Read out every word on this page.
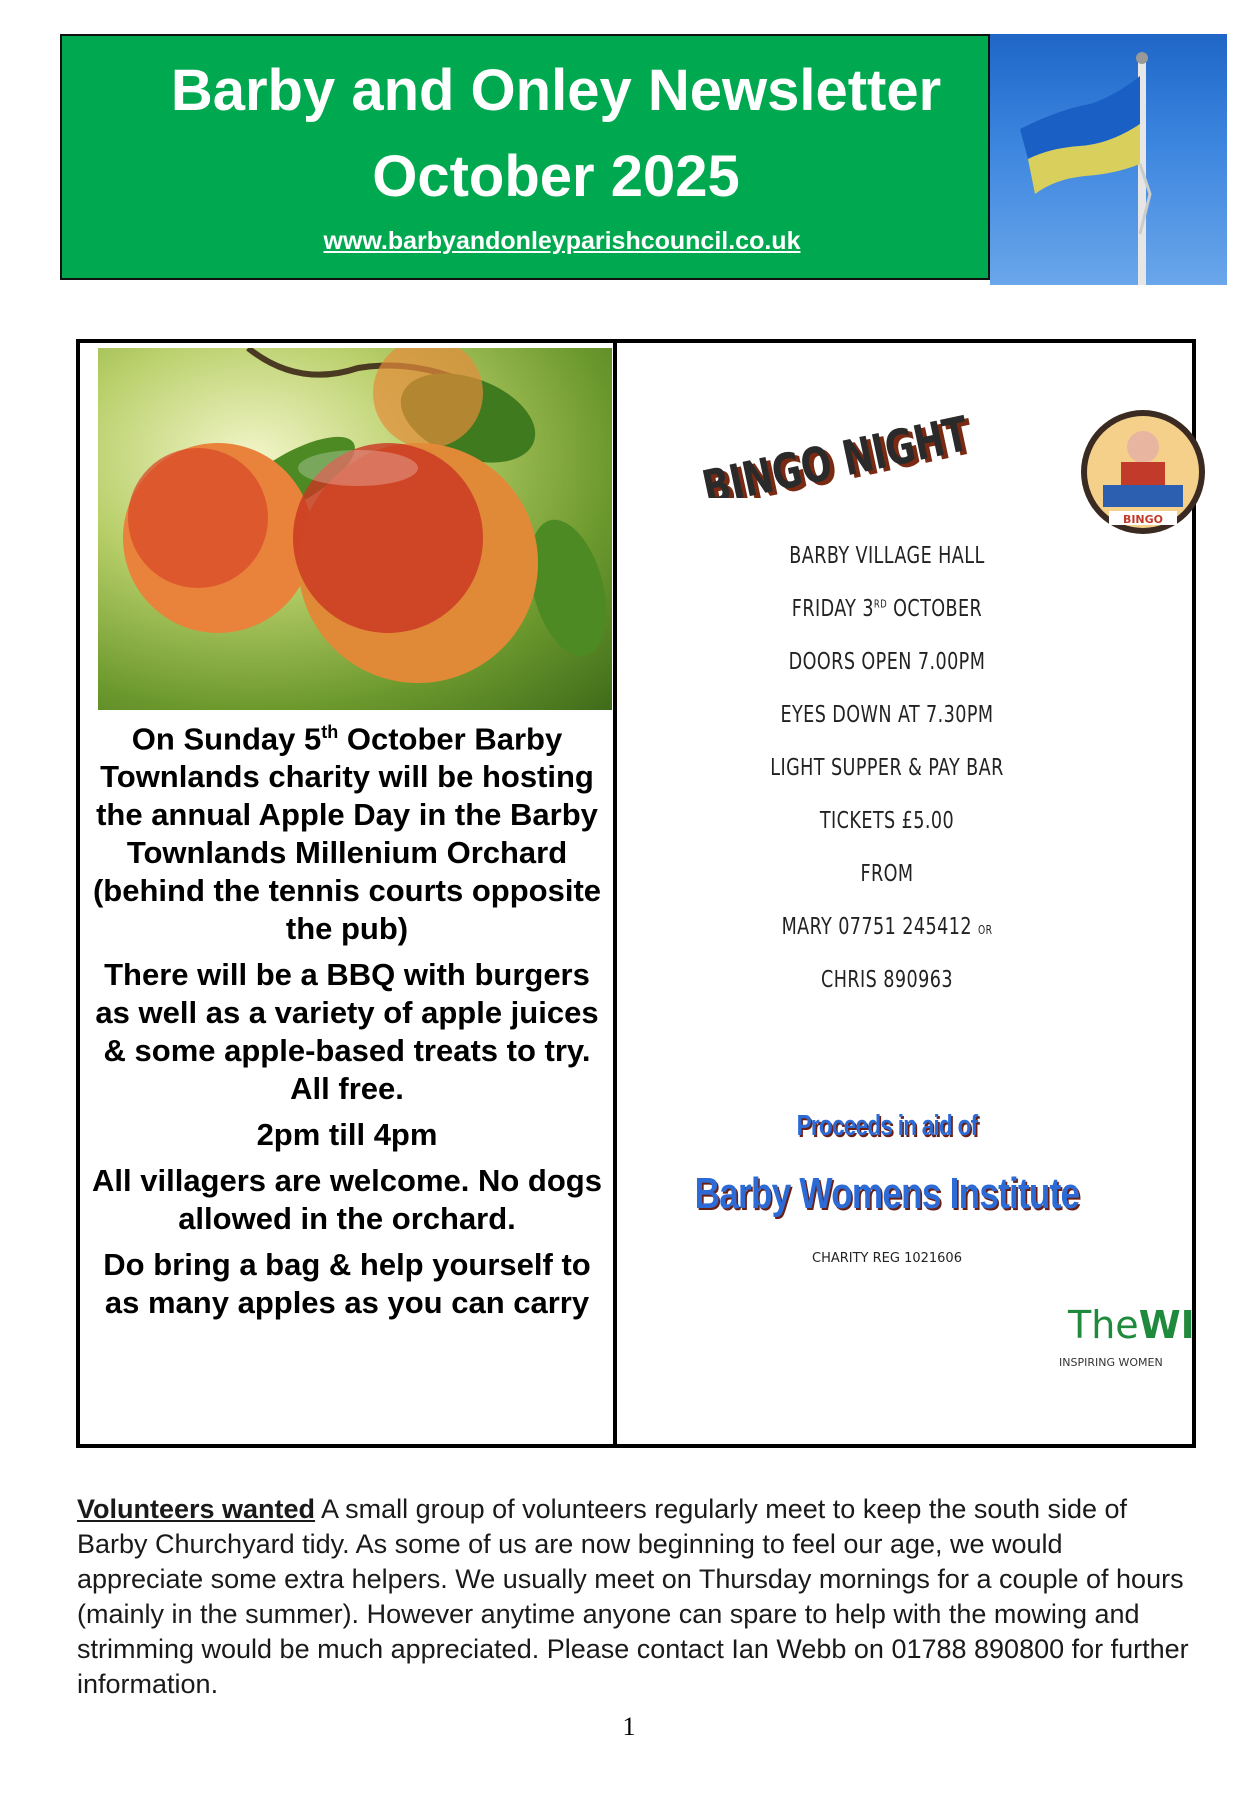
Barby and Onley Newsletter
October 2025
www.barbyandonleyparishcouncil.co.uk

On Sunday 5th October Barby Townlands charity will be hosting the annual Apple Day in the Barby Townlands Millenium Orchard (behind the tennis courts opposite the pub)

There will be a BBQ with burgers as well as a variety of apple juices & some apple-based treats to try. All free.

2pm till 4pm

All villagers are welcome. No dogs allowed in the orchard.

Do bring a bag & help yourself to as many apples as you can carry

BINGO NIGHT
BINGO NIGHT
BINGO
BARBY VILLAGE HALL
FRIDAY 3RD OCTOBER
DOORS OPEN 7.00PM
EYES DOWN AT 7.30PM
LIGHT SUPPER & PAY BAR
TICKETS £5.00
FROM
MARY 07751 245412 OR
CHRIS 890963
Proceeds in aid of
Barby Womens Institute
CHARITY REG 1021606
TheWI
INSPIRING WOMEN
Volunteers wanted A small group of volunteers regularly meet to keep the south side of Barby Churchyard tidy. As some of us are now beginning to feel our age, we would appreciate some extra helpers. We usually meet on Thursday mornings for a couple of hours (mainly in the summer). However anytime anyone can spare to help with the mowing and strimming would be much appreciated. Please contact Ian Webb on 01788 890800 for further information.
1
